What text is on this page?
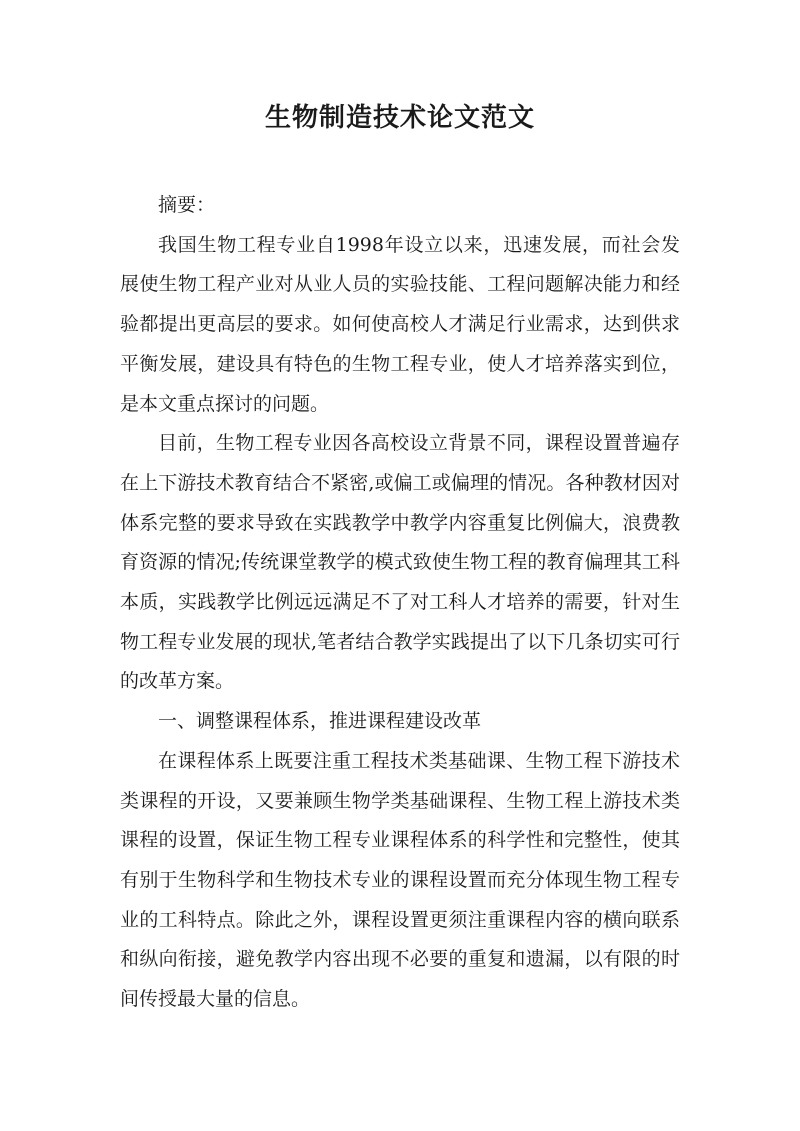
生物制造技术论文范文

摘要：

我国生物工程专业自1998年设立以来，迅速发展，而社会发展使生物工程产业对从业人员的实验技能、工程问题解决能力和经验都提出更高层的要求。如何使高校人才满足行业需求，达到供求平衡发展，建设具有特色的生物工程专业，使人才培养落实到位，是本文重点探讨的问题。

目前，生物工程专业因各高校设立背景不同，课程设置普遍存在上下游技术教育结合不紧密,或偏工或偏理的情况。各种教材因对体系完整的要求导致在实践教学中教学内容重复比例偏大，浪费教育资源的情况;传统课堂教学的模式致使生物工程的教育偏理其工科本质，实践教学比例远远满足不了对工科人才培养的需要，针对生物工程专业发展的现状,笔者结合教学实践提出了以下几条切实可行的改革方案。

一、调整课程体系，推进课程建设改革

在课程体系上既要注重工程技术类基础课、生物工程下游技术类课程的开设，又要兼顾生物学类基础课程、生物工程上游技术类课程的设置，保证生物工程专业课程体系的科学性和完整性，使其有别于生物科学和生物技术专业的课程设置而充分体现生物工程专业的工科特点。除此之外，课程设置更须注重课程内容的横向联系和纵向衔接，避免教学内容出现不必要的重复和遗漏，以有限的时间传授最大量的信息。
